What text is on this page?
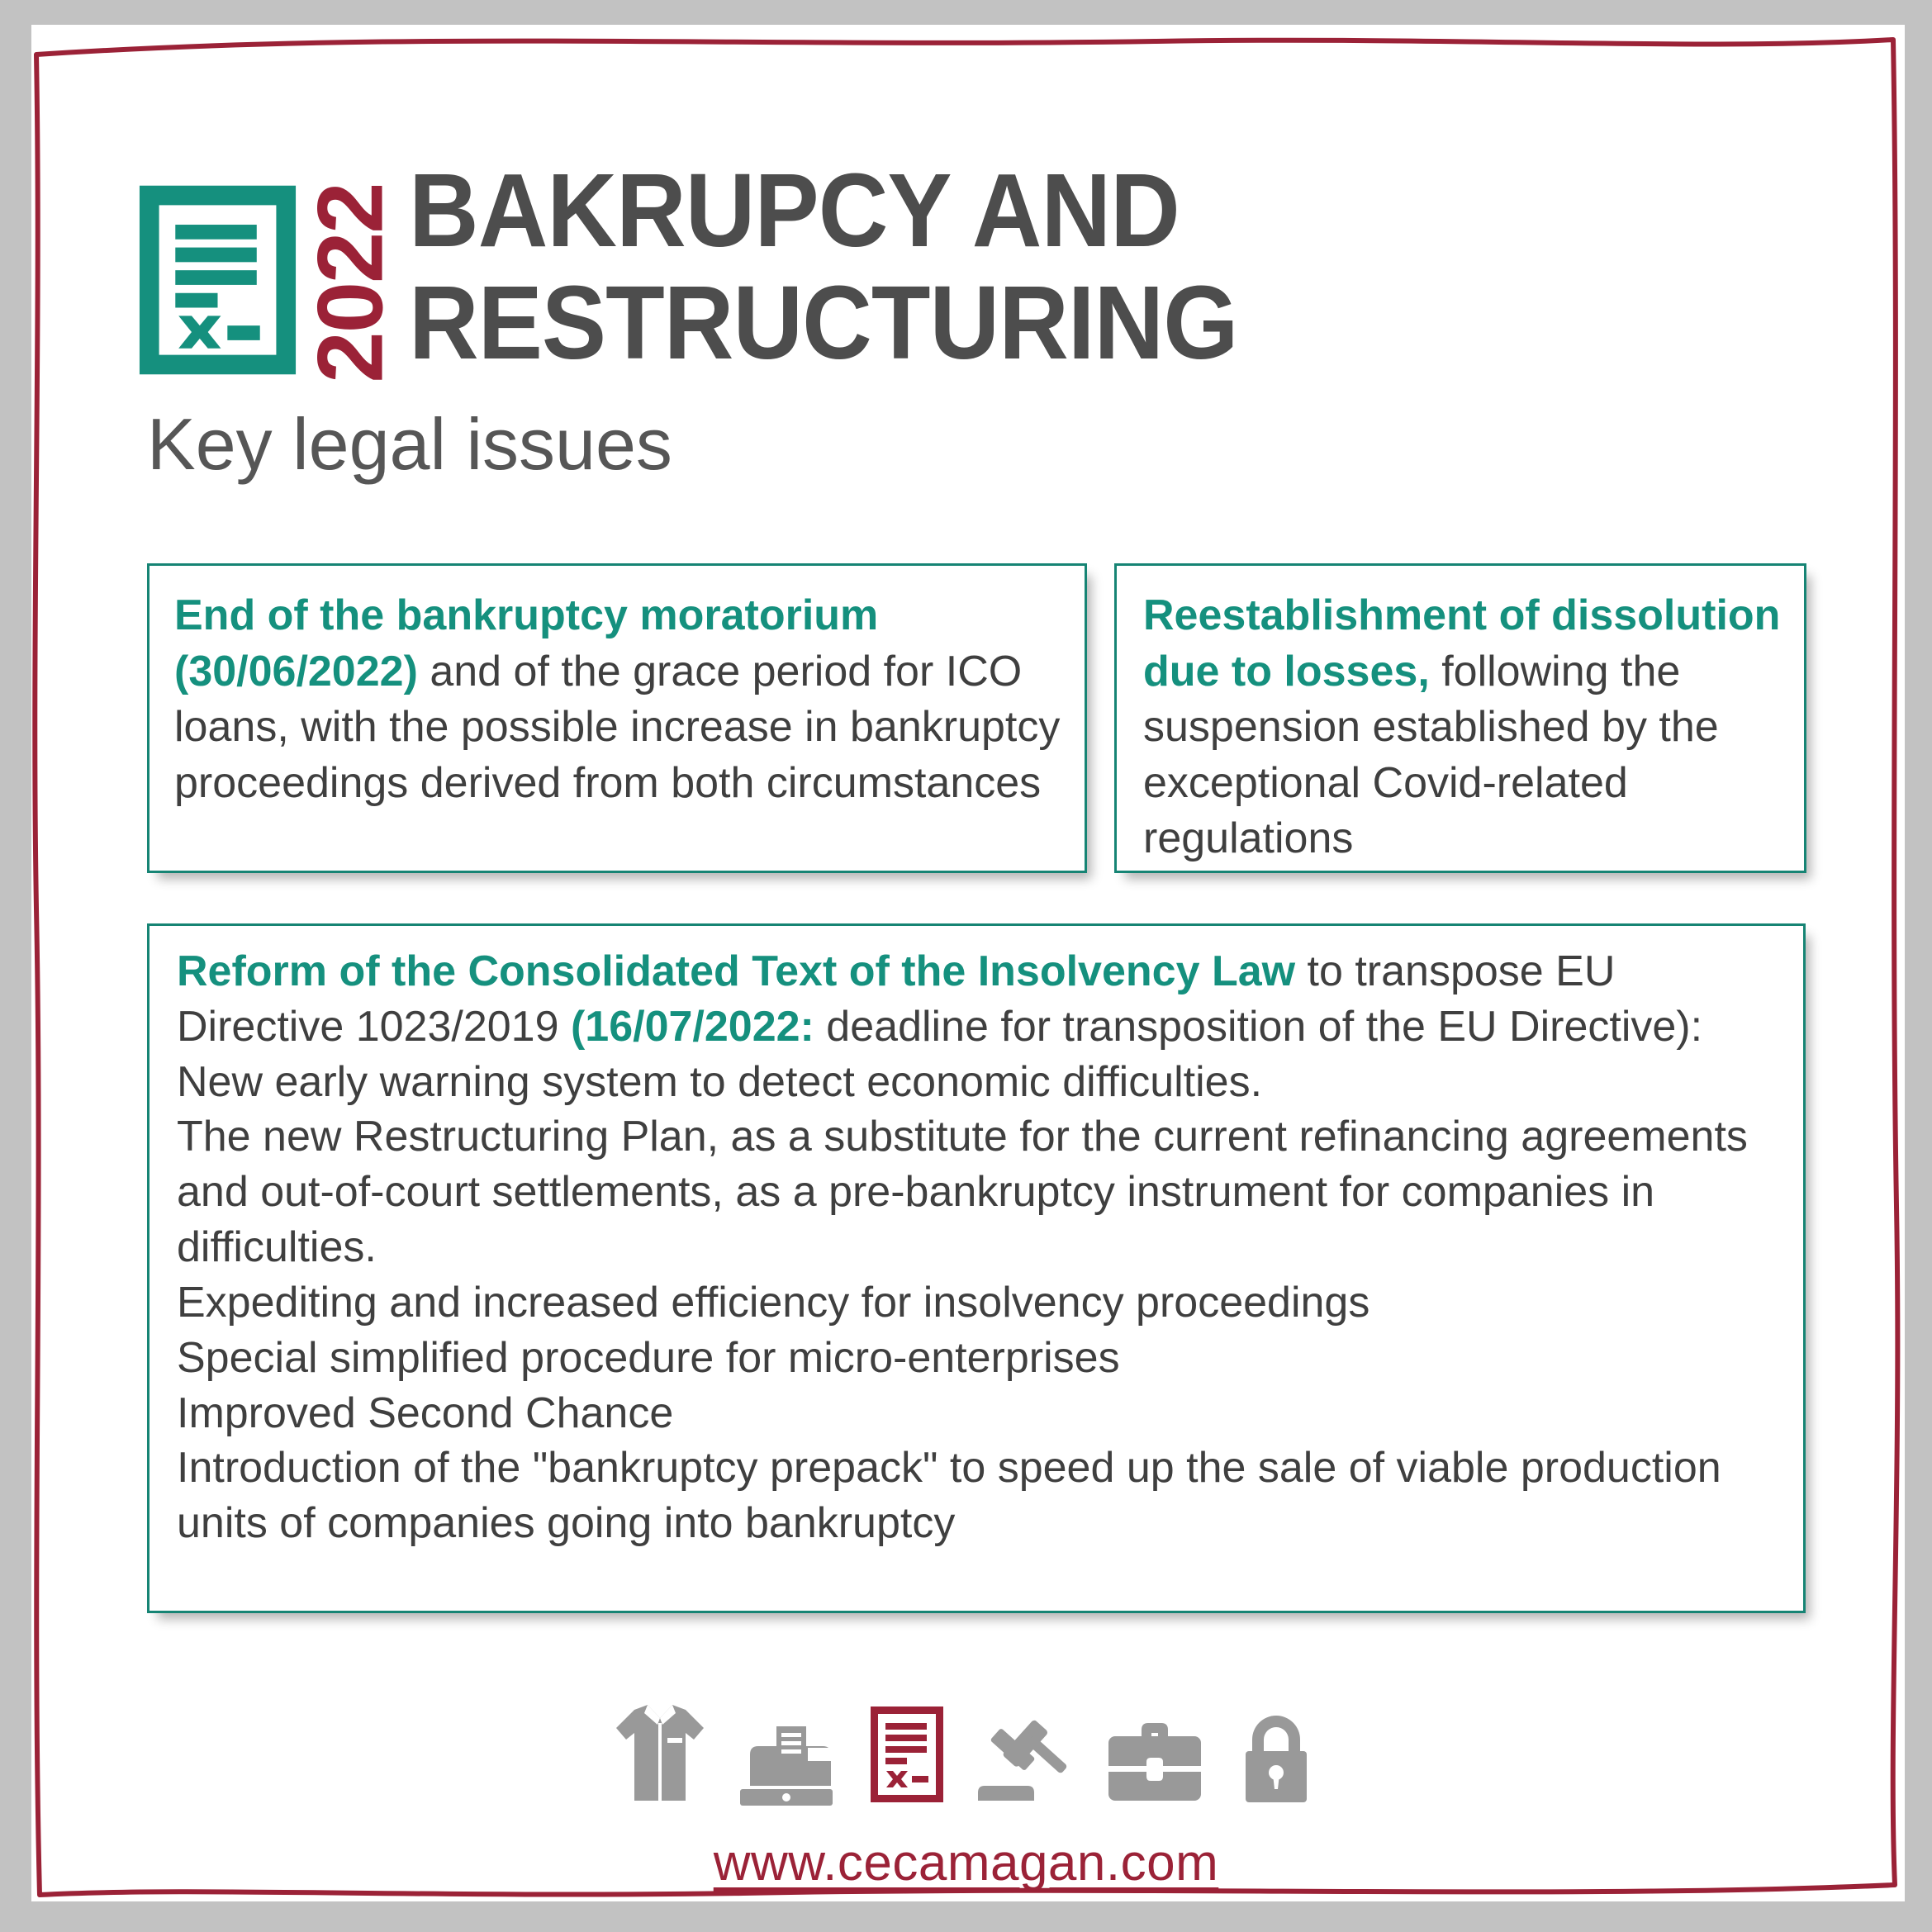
2022 BAKRUPCY AND
RESTRUCTURING
Key legal issues
End of the bankruptcy moratorium (30/06/2022) and of the grace period for ICO loans, with the possible increase in bankruptcy proceedings derived from both circumstances
Reestablishment of dissolution due to losses, following the suspension established by the exceptional Covid-related regulations
Reform of the Consolidated Text of the Insolvency Law to transpose EU Directive 1023/2019 (16/07/2022: deadline for transposition of the EU Directive):
New early warning system to detect economic difficulties.
The new Restructuring Plan, as a substitute for the current refinancing agreements and out-of-court settlements, as a pre-bankruptcy instrument for companies in difficulties.
Expediting and increased efficiency for insolvency proceedings
Special simplified procedure for micro-enterprises
Improved Second Chance
Introduction of the "bankruptcy prepack" to speed up the sale of viable production units of companies going into bankruptcy
www.cecamagan.com
